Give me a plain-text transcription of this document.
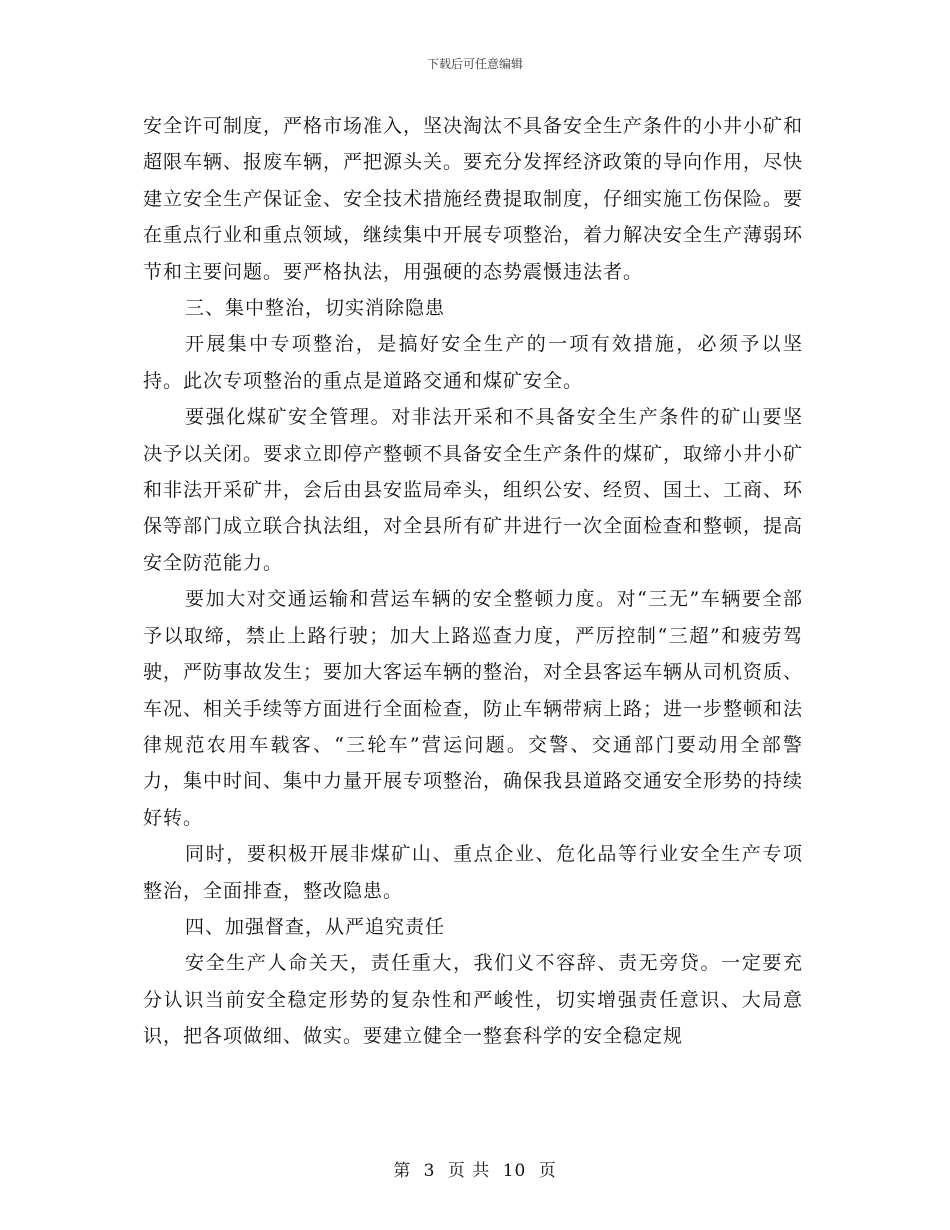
下载后可任意编辑

安全许可制度，严格市场准入，坚决淘汰不具备安全生产条件的小井小矿和超限车辆、报废车辆，严把源头关。要充分发挥经济政策的导向作用，尽快建立安全生产保证金、安全技术措施经费提取制度，仔细实施工伤保险。要在重点行业和重点领域，继续集中开展专项整治，着力解决安全生产薄弱环节和主要问题。要严格执法，用强硬的态势震慑违法者。

三、集中整治，切实消除隐患

开展集中专项整治，是搞好安全生产的一项有效措施，必须予以坚持。此次专项整治的重点是道路交通和煤矿安全。

要强化煤矿安全管理。对非法开采和不具备安全生产条件的矿山要坚决予以关闭。要求立即停产整顿不具备安全生产条件的煤矿，取缔小井小矿和非法开采矿井，会后由县安监局牵头，组织公安、经贸、国土、工商、环保等部门成立联合执法组，对全县所有矿井进行一次全面检查和整顿，提高安全防范能力。

要加大对交通运输和营运车辆的安全整顿力度。对“三无”车辆要全部予以取缔，禁止上路行驶；加大上路巡查力度，严厉控制“三超”和疲劳驾驶，严防事故发生；要加大客运车辆的整治，对全县客运车辆从司机资质、车况、相关手续等方面进行全面检查，防止车辆带病上路；进一步整顿和法律规范农用车载客、“三轮车”营运问题。交警、交通部门要动用全部警力，集中时间、集中力量开展专项整治，确保我县道路交通安全形势的持续好转。

同时，要积极开展非煤矿山、重点企业、危化品等行业安全生产专项整治，全面排查，整改隐患。

四、加强督查，从严追究责任

安全生产人命关天，责任重大，我们义不容辞、责无旁贷。一定要充分认识当前安全稳定形势的复杂性和严峻性，切实增强责任意识、大局意识，把各项做细、做实。要建立健全一整套科学的安全稳定规

第 3 页 共 10 页
